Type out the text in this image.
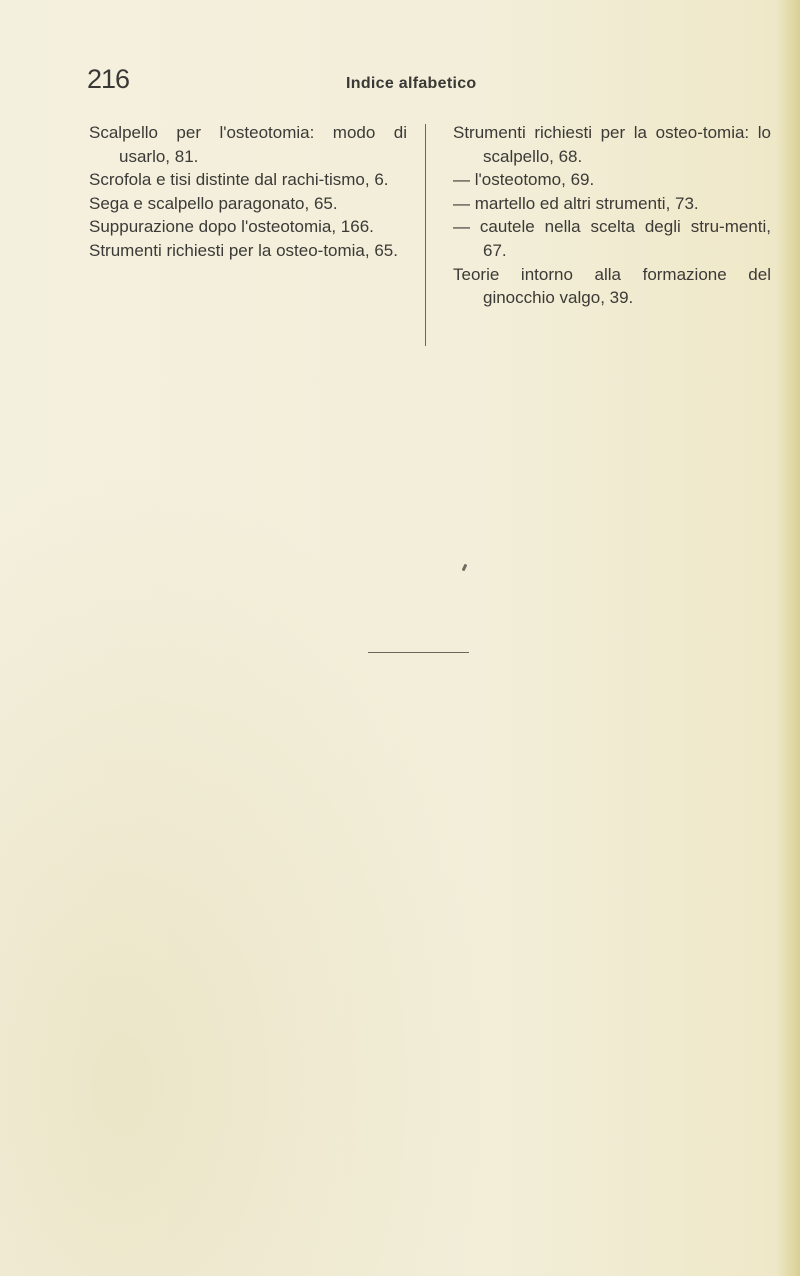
216	Indice alfabetico

Scalpello per l'osteotomia: modo di usarlo, 81.

Scrofola e tisi distinte dal rachi-tismo, 6.

Sega e scalpello paragonato, 65.

Suppurazione dopo l'osteotomia, 166.

Strumenti richiesti per la osteo-tomia, 65.

Strumenti richiesti per la osteo-tomia: lo scalpello, 68.

— l'osteotomo, 69.

— martello ed altri strumenti, 73.

— cautele nella scelta degli stru-menti, 67.

Teorie intorno alla formazione del ginocchio valgo, 39.
